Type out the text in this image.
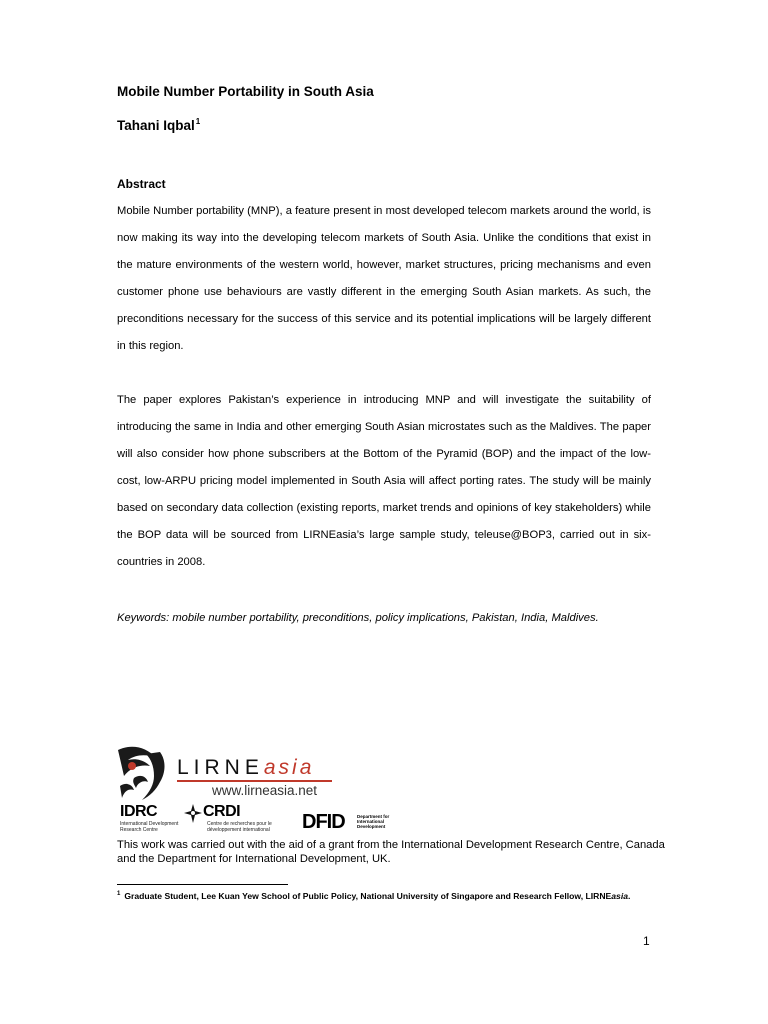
Mobile Number Portability in South Asia
Tahani Iqbal$^1$
Abstract

Mobile Number portability (MNP), a feature present in most developed telecom markets around the world, is now making its way into the developing telecom markets of South Asia. Unlike the conditions that exist in the mature environments of the western world, however, market structures, pricing mechanisms and even customer phone use behaviours are vastly different in the emerging South Asian markets. As such, the preconditions necessary for the success of this service and its potential implications will be largely different in this region.

The paper explores Pakistan’s experience in introducing MNP and will investigate the suitability of introducing the same in India and other emerging South Asian microstates such as the Maldives. The paper will also consider how phone subscribers at the Bottom of the Pyramid (BOP) and the impact of the low-cost, low-ARPU pricing model implemented in South Asia will affect porting rates. The study will be mainly based on secondary data collection (existing reports, market trends and opinions of key stakeholders) while the BOP data will be sourced from LIRNEasia’s large sample study, teleuse@BOP3, carried out in six-countries in 2008.

Keywords: mobile number portability, preconditions, policy implications, Pakistan, India, Maldives.

LIRNEasia
www.lirneasia.net
IDRC
International Development
Research Centre
CRDI
Centre de recherches pour le
développement international DFID	Department for International Development

This work was carried out with the aid of a grant from the International Development Research Centre, Canada and the Department for International Development, UK.

$^1$ Graduate Student, Lee Kuan Yew School of Public Policy, National University of Singapore and Research Fellow, LIRNEasia.
1
